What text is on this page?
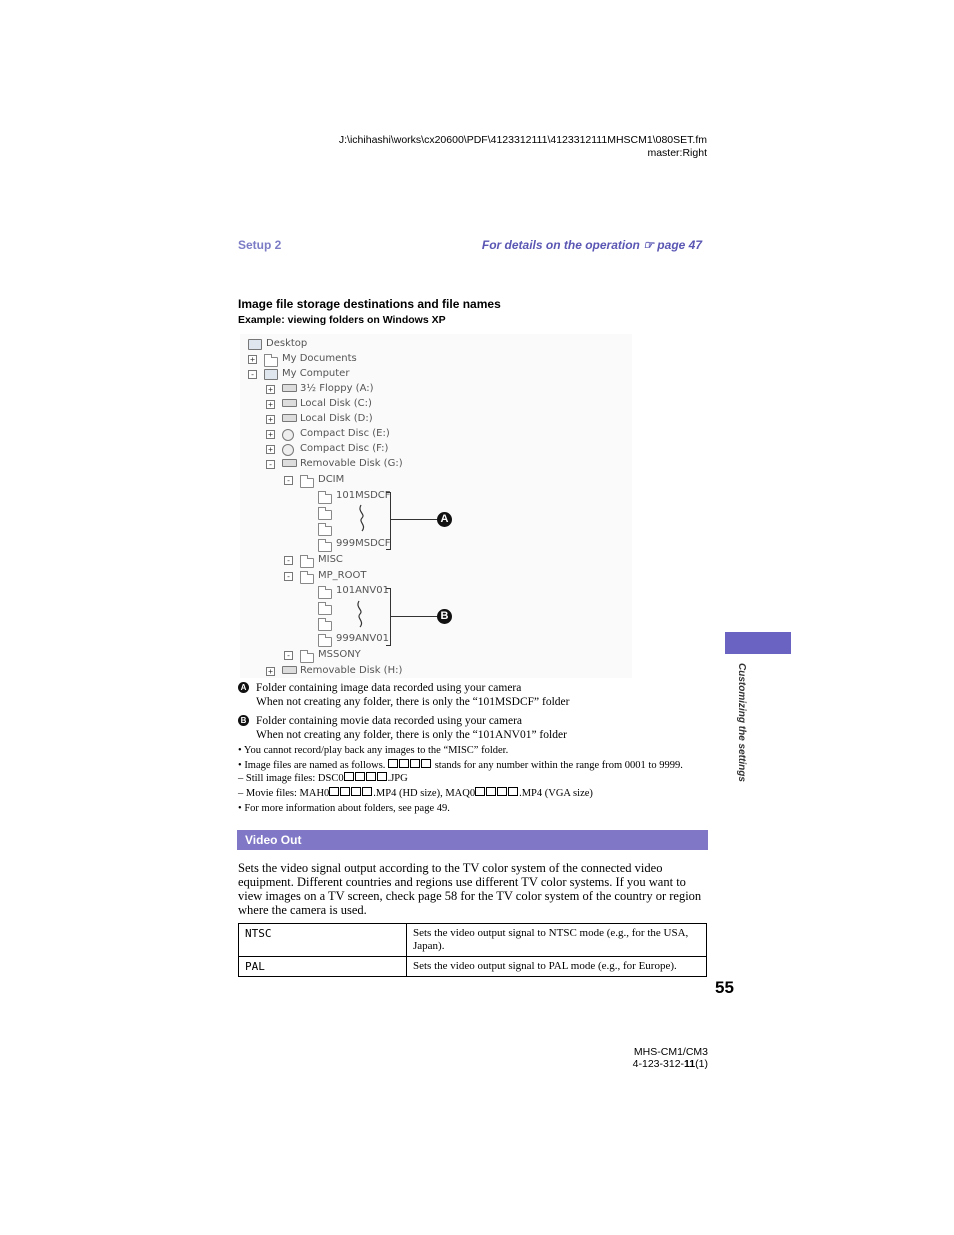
J:\ichihashi\works\cx20600\PDF\4123312111\4123312111MHSCM1\080SET.fm
master:Right
Setup 2	For details on the operation ☞ page 47
Image file storage destinations and file names
Example: viewing folders on Windows XP
Desktop
+	My Documents
-	My Computer
+	3½ Floppy (A:)
+	Local Disk (C:)
+	Local Disk (D:)
+	Compact Disc (E:)
+	Compact Disc (F:)
-	Removable Disk (G:)
-	DCIM
101MSDCF
999MSDCF
-	MISC
-	MP_ROOT
101ANV01
999ANV01
-	MSSONY
+	Removable Disk (H:)
A
B
A Folder containing image data recorded using your camera
When not creating any folder, there is only the “101MSDCF” folder
B Folder containing movie data recorded using your camera
When not creating any folder, there is only the “101ANV01” folder
• You cannot record/play back any images to the “MISC” folder.
• Image files are named as follows.	stands for any number within the range from 0001 to 9999.
– Still image files: DSC0	.JPG
– Movie files: MAH0	.MP4 (HD size), MAQ0	.MP4 (VGA size)
• For more information about folders, see page 49.
Video Out
Sets the video signal output according to the TV color system of the connected video equipment. Different countries and regions use different TV color systems. If you want to view images on a TV screen, check page 58 for the TV color system of the country or region where the camera is used.
NTSC	Sets the video output signal to NTSC mode (e.g., for the USA, Japan).
PAL	Sets the video output signal to PAL mode (e.g., for Europe).
Customizing the settings
55
MHS-CM1/CM3
4-123-312-11(1)
